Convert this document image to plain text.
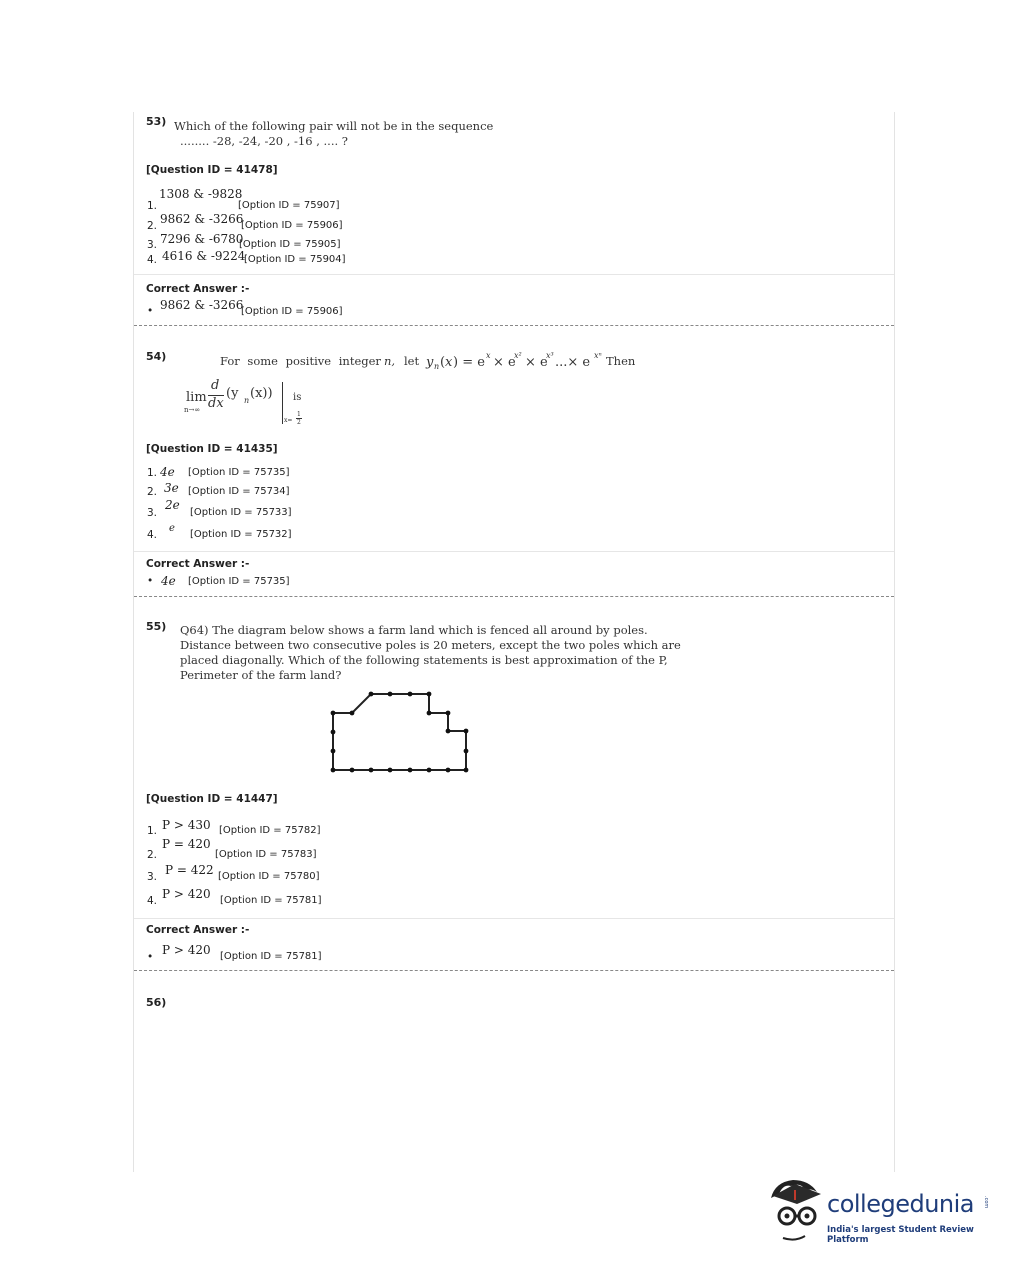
53) Which of the following pair will not be in the sequence
........ -28, -24, -20 , -16 , .... ?
[Question ID = 41478]
1308 & -9828
1.	[Option ID = 75907]
2. 9862 & -3266
[Option ID = 75906]
3. 7296 & -6780
[Option ID = 75905]
4. 4616 & -9224
[Option ID = 75904]
Correct Answer :-
• 9862 & -3266
[Option ID = 75906]
54)	For some positive integer n, let y n ( x ) = e x × e
x² × e
x³ ...× e xⁿ Then
lim
n→∞
d
dx
(y n (x))
x=
1
2
is
[Question ID = 41435]
1. 4e [Option ID = 75735]
2. 3e [Option ID = 75734]
3.
2e
[Option ID = 75733]
4.
e
[Option ID = 75732]
Correct Answer :-
• 4e [Option ID = 75735]
55) Q64) The diagram below shows a farm land which is fenced all around by poles.
Distance between two consecutive poles is 20 meters, except the two poles which are
placed diagonally. Which of the following statements is best approximation of the P,
Perimeter of the farm land?
[Question ID = 41447]
1. P > 430 [Option ID = 75782]
2.
P = 420
[Option ID = 75783]
3. P = 422 [Option ID = 75780]
4. P > 420 [Option ID = 75781]
Correct Answer :-
• P > 420 [Option ID = 75781]
56)
collegedunia .com
India's largest Student Review Platform
